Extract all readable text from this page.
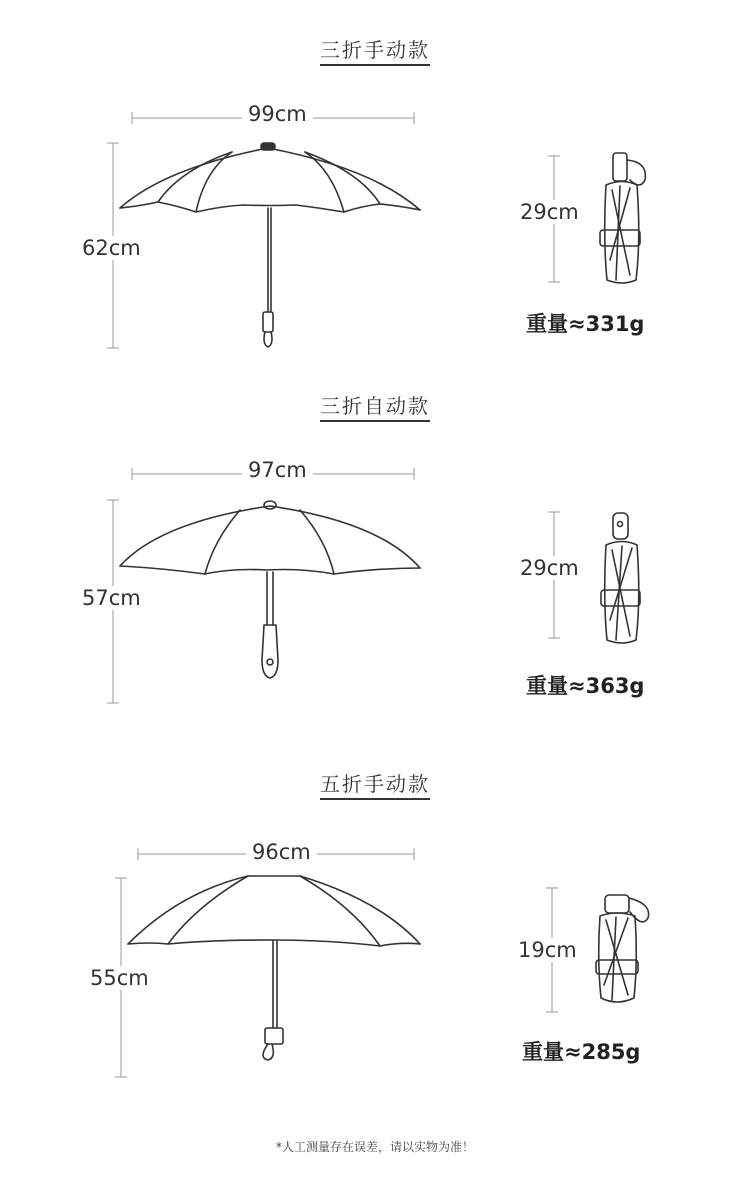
三折手动款
99cm
62cm
29cm
重量≈331g
三折自动款
97cm
57cm
29cm
重量≈363g
五折手动款
96cm
55cm
19cm
重量≈285g
*人工测量存在误差，请以实物为准！
